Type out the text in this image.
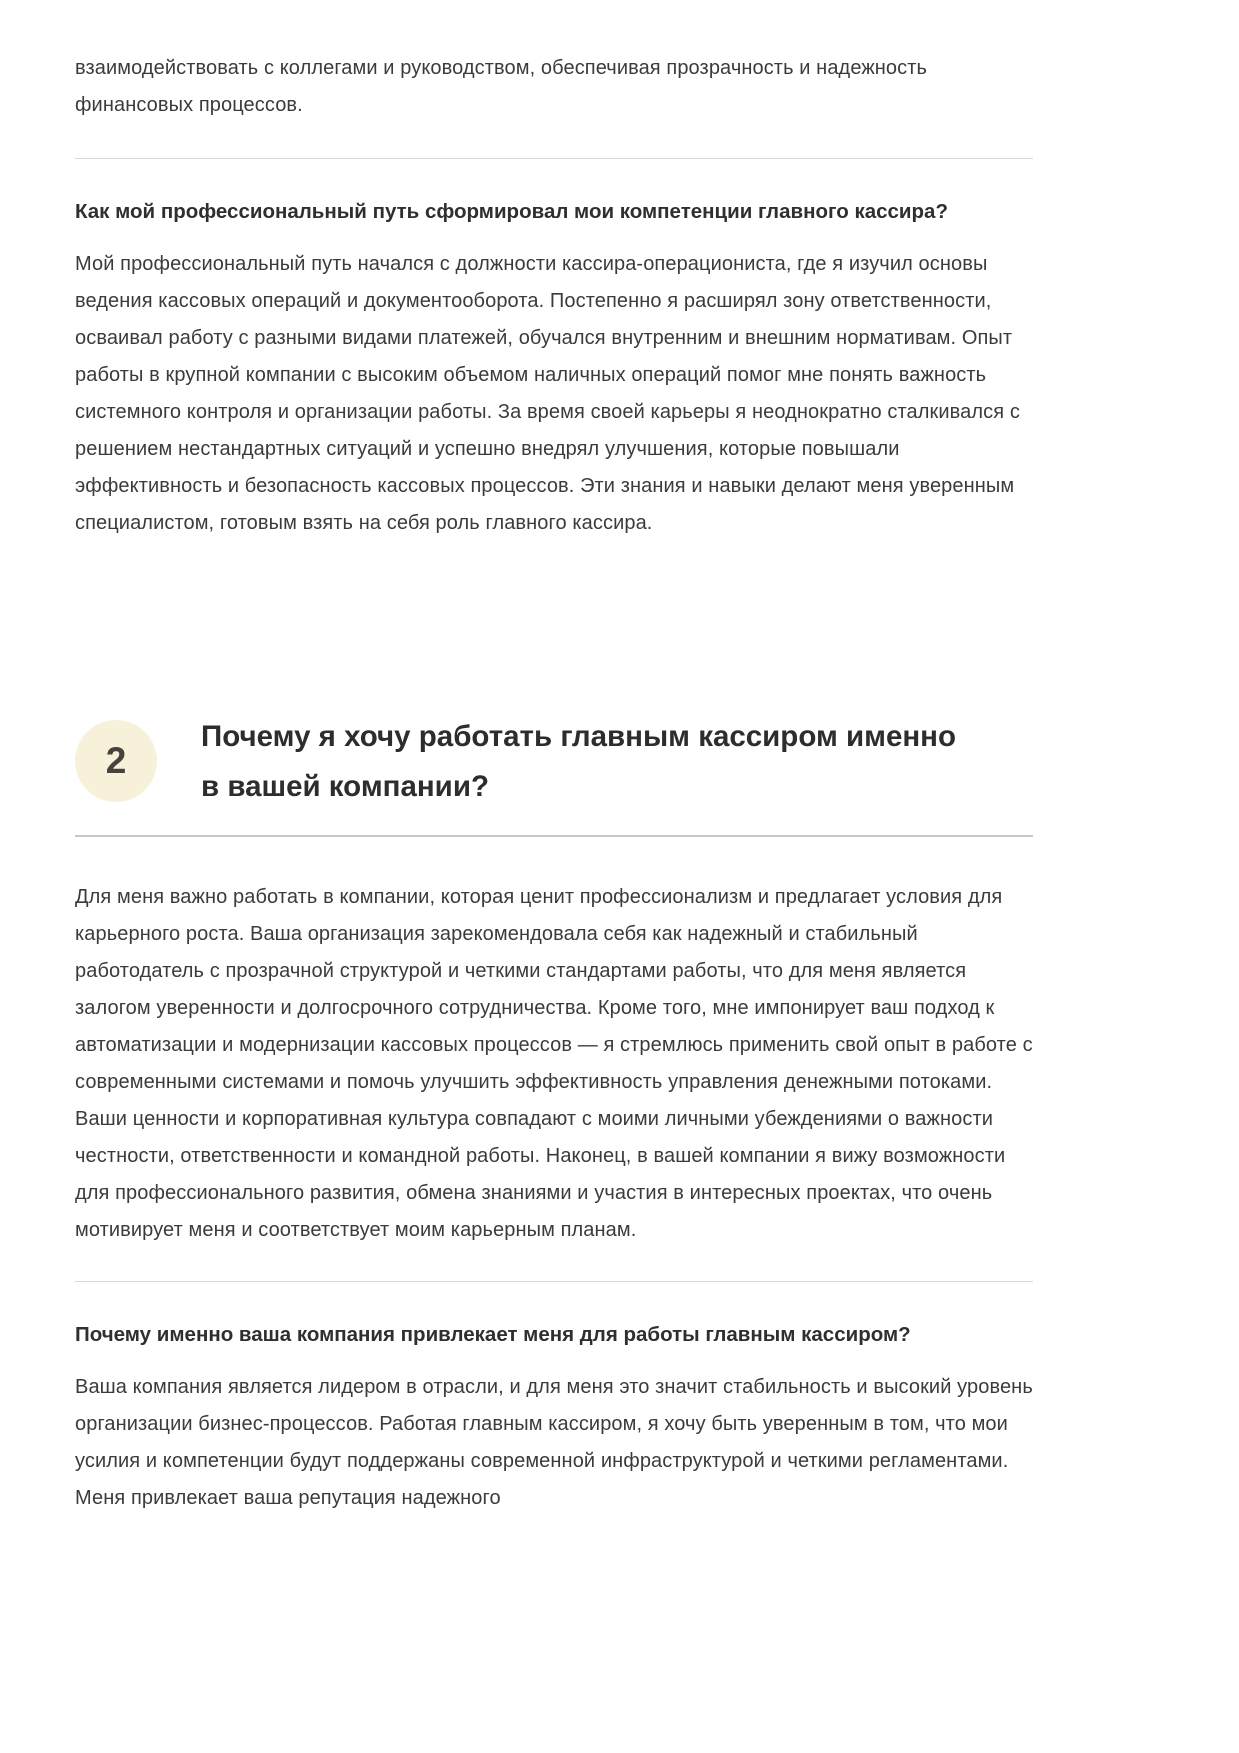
взаимодействовать с коллегами и руководством, обеспечивая прозрачность и надежность финансовых процессов.

Как мой профессиональный путь сформировал мои компетенции главного кассира?

Мой профессиональный путь начался с должности кассира-операциониста, где я изучил основы ведения кассовых операций и документооборота. Постепенно я расширял зону ответственности, осваивал работу с разными видами платежей, обучался внутренним и внешним нормативам. Опыт работы в крупной компании с высоким объемом наличных операций помог мне понять важность системного контроля и организации работы. За время своей карьеры я неоднократно сталкивался с решением нестандартных ситуаций и успешно внедрял улучшения, которые повышали эффективность и безопасность кассовых процессов. Эти знания и навыки делают меня уверенным специалистом, готовым взять на себя роль главного кассира.

2
Почему я хочу работать главным кассиром именно в вашей компании?

Для меня важно работать в компании, которая ценит профессионализм и предлагает условия для карьерного роста. Ваша организация зарекомендовала себя как надежный и стабильный работодатель с прозрачной структурой и четкими стандартами работы, что для меня является залогом уверенности и долгосрочного сотрудничества. Кроме того, мне импонирует ваш подход к автоматизации и модернизации кассовых процессов — я стремлюсь применить свой опыт в работе с современными системами и помочь улучшить эффективность управления денежными потоками. Ваши ценности и корпоративная культура совпадают с моими личными убеждениями о важности честности, ответственности и командной работы. Наконец, в вашей компании я вижу возможности для профессионального развития, обмена знаниями и участия в интересных проектах, что очень мотивирует меня и соответствует моим карьерным планам.

Почему именно ваша компания привлекает меня для работы главным кассиром?

Ваша компания является лидером в отрасли, и для меня это значит стабильность и высокий уровень организации бизнес-процессов. Работая главным кассиром, я хочу быть уверенным в том, что мои усилия и компетенции будут поддержаны современной инфраструктурой и четкими регламентами. Меня привлекает ваша репутация надежного
